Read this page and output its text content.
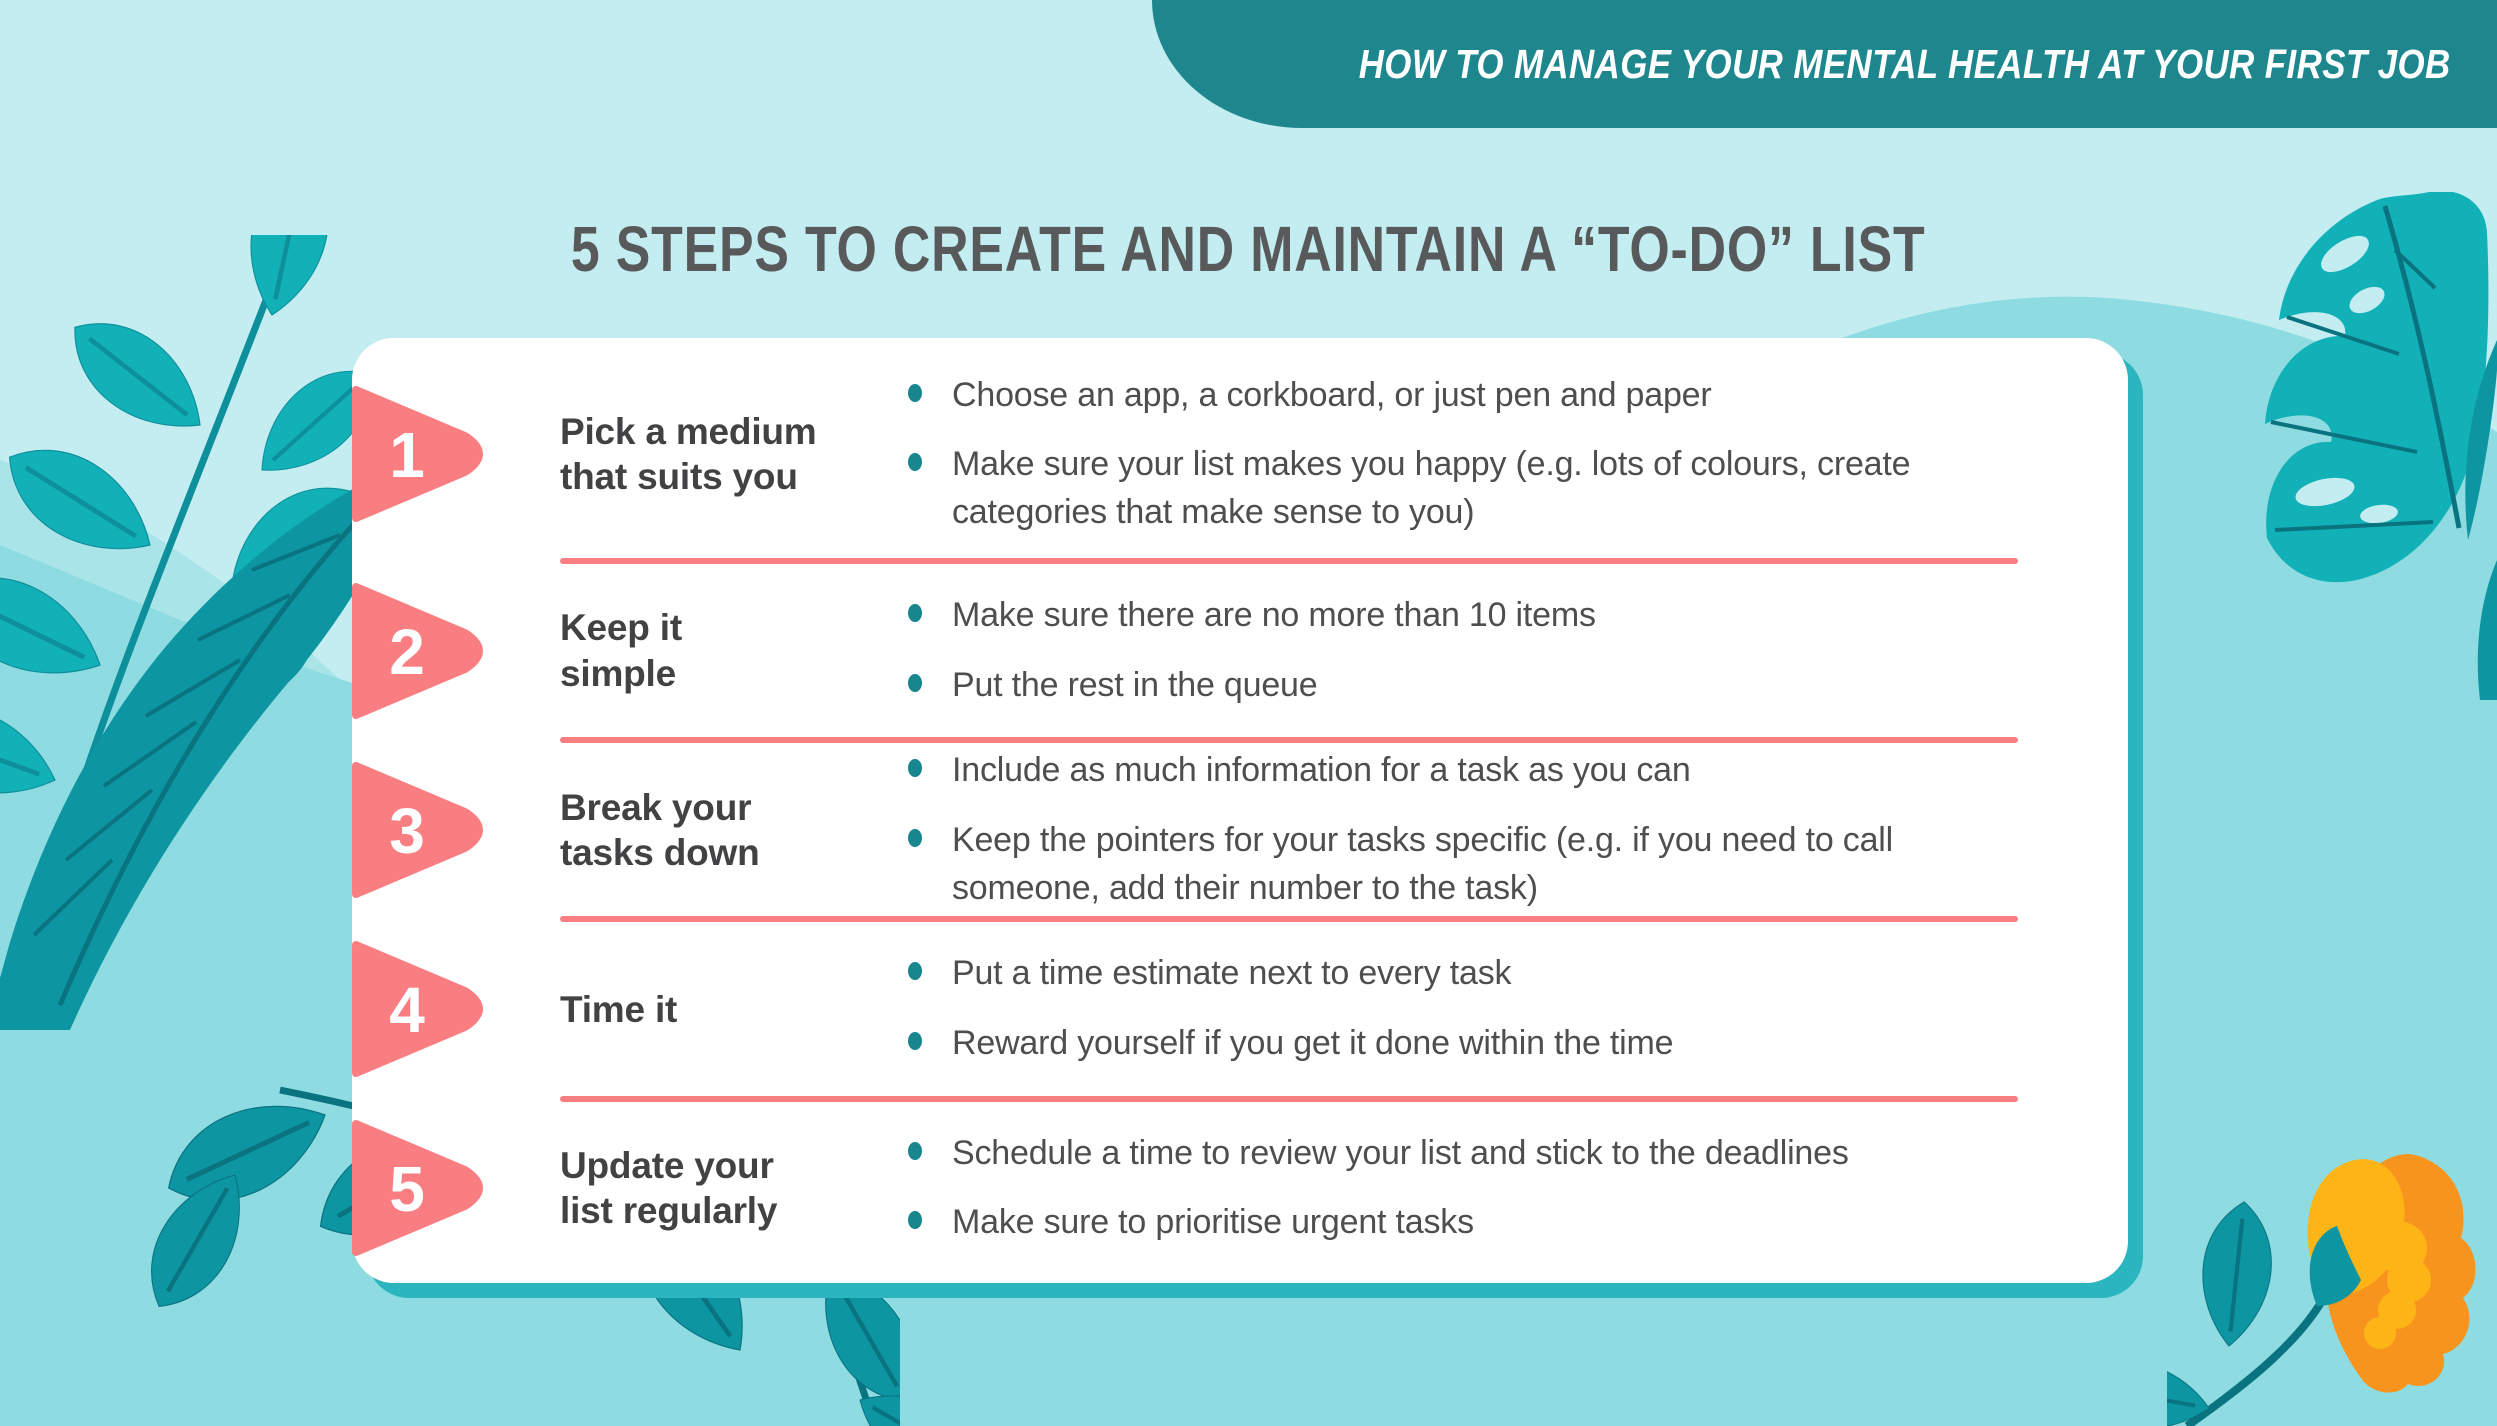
HOW TO MANAGE YOUR MENTAL HEALTH AT YOUR FIRST JOB
5 STEPS TO CREATE AND MAINTAIN A “TO-DO” LIST
1	Pick a medium
that suits you
Choose an app, a corkboard, or just pen and paper
Make sure your list makes you happy (e.g. lots of colours, create categories that make sense to you)
2	Keep it
simple
Make sure there are no more than 10 items
Put the rest in the queue
3	Break your
tasks down
Include as much information for a task as you can
Keep the pointers for your tasks specific (e.g. if you need to call someone, add their number to the task)
4	Time it
Put a time estimate next to every task
Reward yourself if you get it done within the time
5	Update your
list regularly
Schedule a time to review your list and stick to the deadlines
Make sure to prioritise urgent tasks
